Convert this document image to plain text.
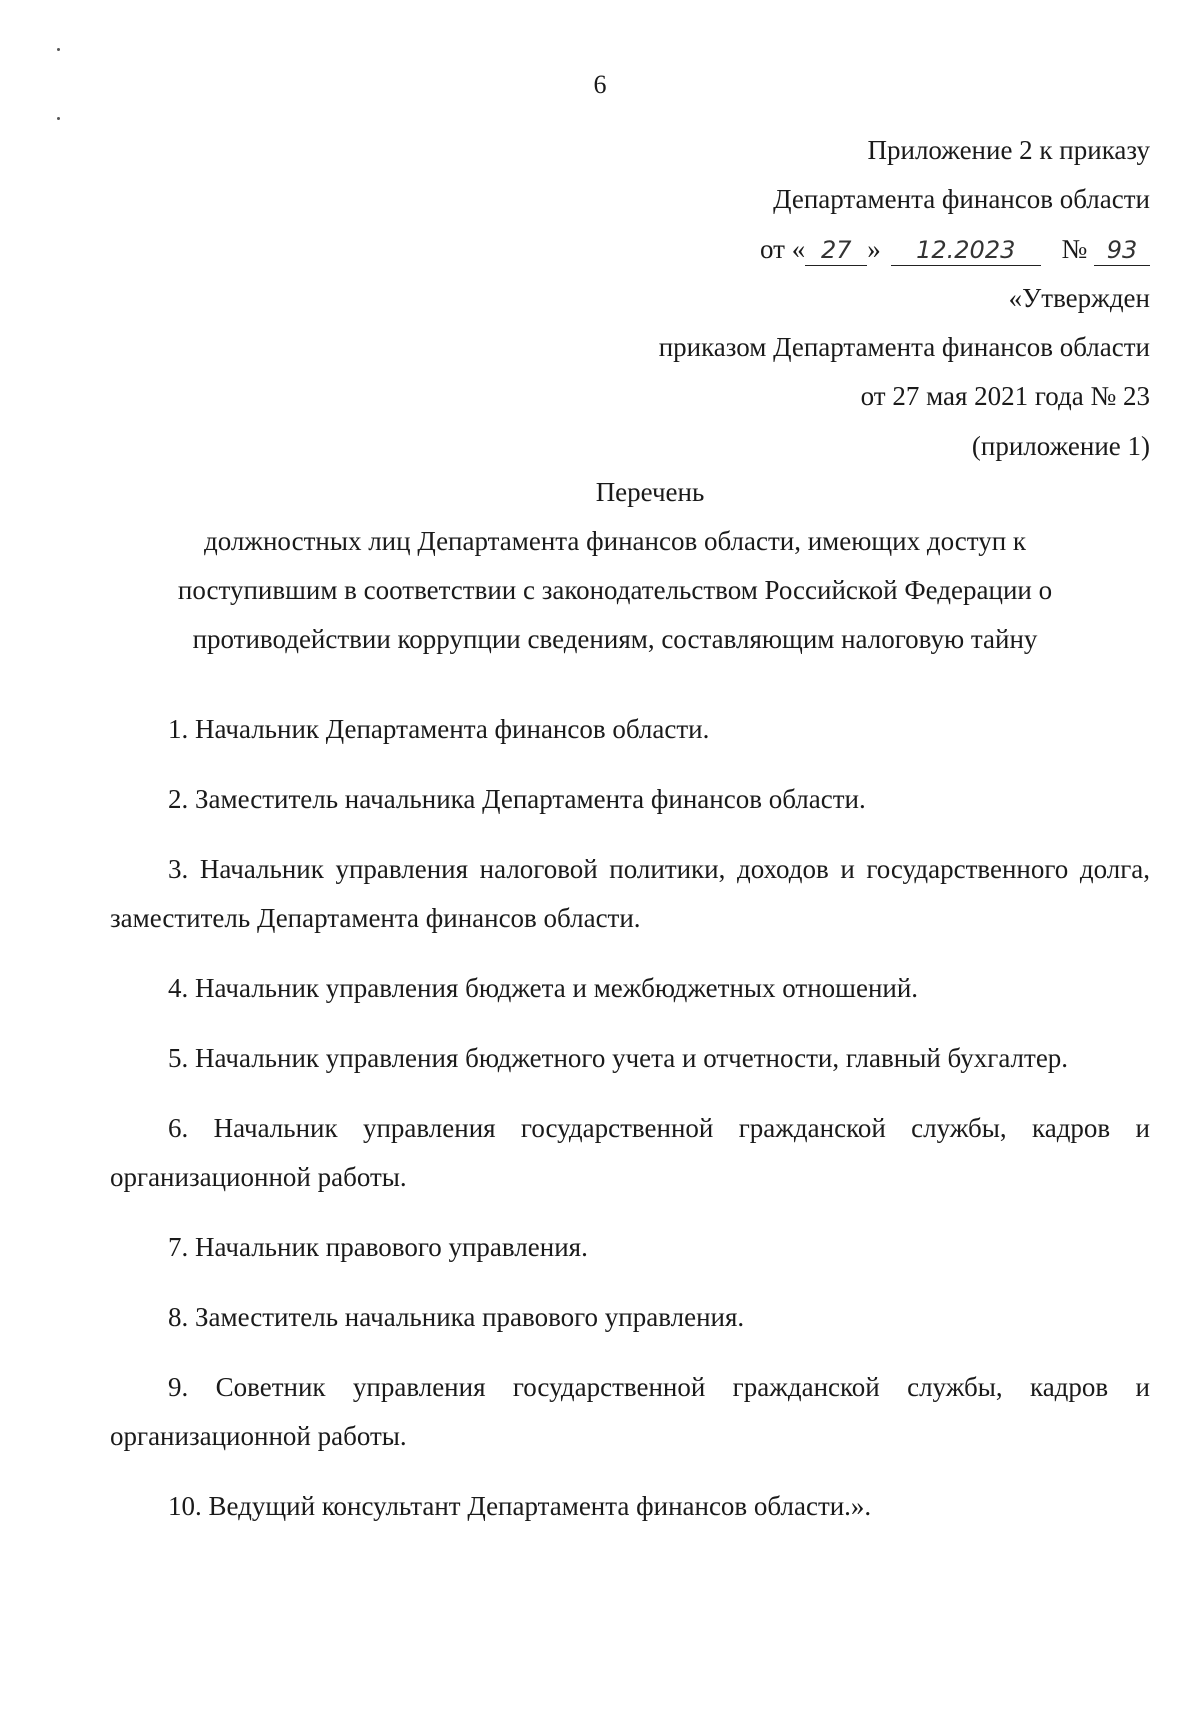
6
Приложение 2 к приказу
Департамента финансов области
от « 27 » 12.2023 № 93
«Утвержден
приказом Департамента финансов области
от 27 мая 2021 года № 23
(приложение 1)
Перечень
должностных лиц Департамента финансов области, имеющих доступ к
поступившим в соответствии с законодательством Российской Федерации о
противодействии коррупции сведениям, составляющим налоговую тайну

1. Начальник Департамента финансов области.

2. Заместитель начальника Департамента финансов области.

3. Начальник управления налоговой политики, доходов и государственного долга, заместитель Департамента финансов области.

4. Начальник управления бюджета и межбюджетных отношений.

5. Начальник управления бюджетного учета и отчетности, главный бухгалтер.

6. Начальник управления государственной гражданской службы, кадров и организационной работы.

7. Начальник правового управления.

8. Заместитель начальника правового управления.

9. Советник управления государственной гражданской службы, кадров и организационной работы.

10. Ведущий консультант Департамента финансов области.».
